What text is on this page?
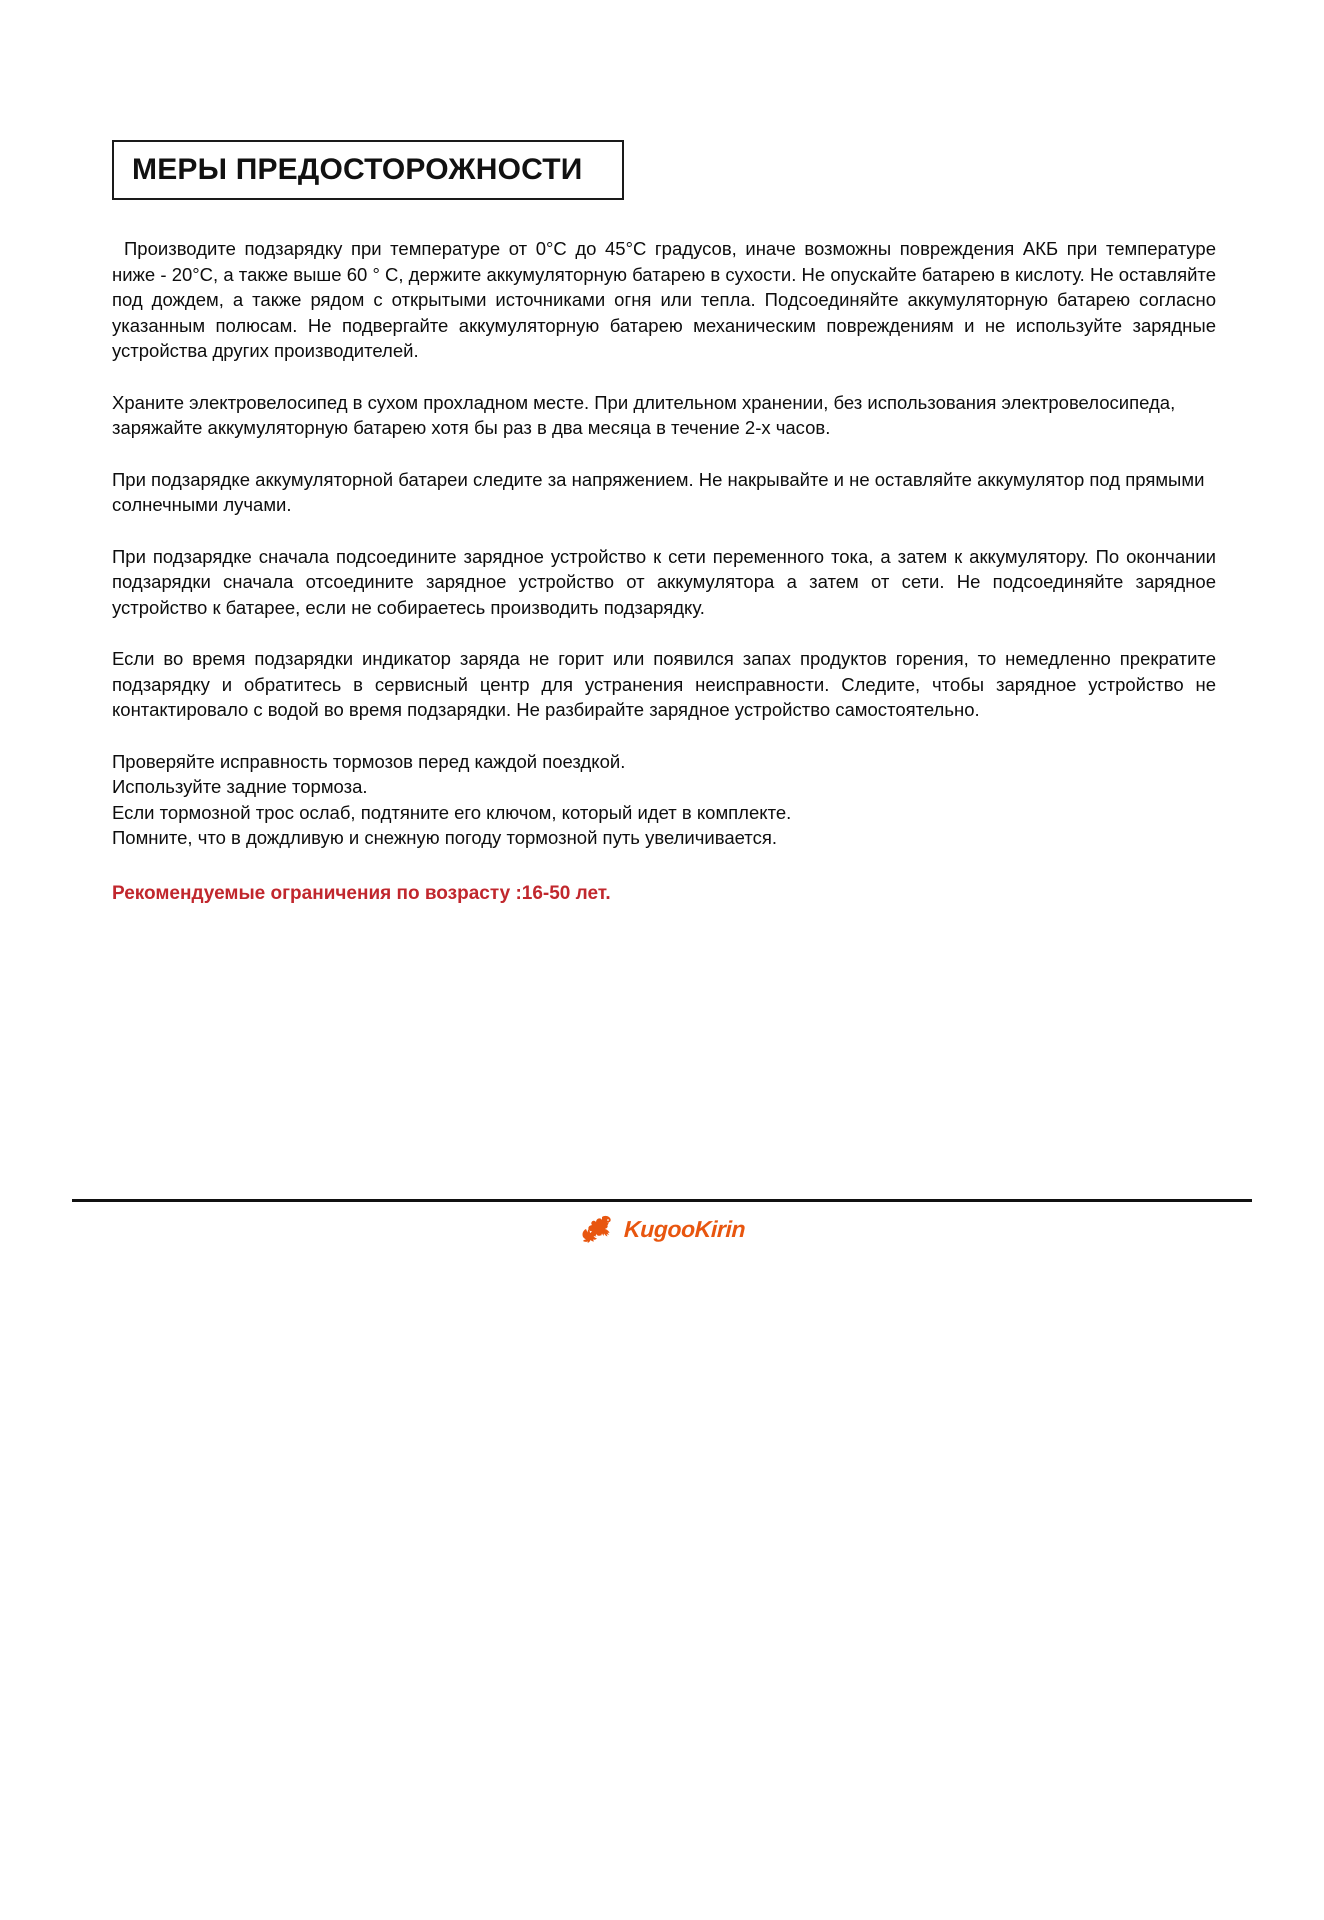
МЕРЫ ПРЕДОСТОРОЖНОСТИ

Производите подзарядку при температуре от 0°C до 45°C градусов, иначе возможны повреждения АКБ при температуре ниже - 20°C, а также выше 60 ° C, держите аккумуляторную батарею в сухости. Не опускайте батарею в кислоту. Не оставляйте под дождем, а также рядом с открытыми источниками огня или тепла. Подсоединяйте аккумуляторную батарею согласно указанным полюсам. Не подвергайте аккумуляторную батарею механическим повреждениям и не используйте зарядные устройства других производителей.

Храните электровелосипед в сухом прохладном месте. При длительном хранении, без использования электровелосипеда, заряжайте аккумуляторную батарею хотя бы раз в два месяца в течение 2-х часов.

При подзарядке аккумуляторной батареи следите за напряжением. Не накрывайте и не оставляйте аккумулятор под прямыми солнечными лучами.

При подзарядке сначала подсоедините зарядное устройство к сети переменного тока, а затем к аккумулятору. По окончании подзарядки сначала отсоедините зарядное устройство от аккумулятора а затем от сети. Не подсоединяйте зарядное устройство к батарее, если не собираетесь производить подзарядку.

Если во время подзарядки индикатор заряда не горит или появился запах продуктов горения, то немедленно прекратите подзарядку и обратитесь в сервисный центр для устранения неисправности. Следите, чтобы зарядное устройство не контактировало с водой во время подзарядки. Не разбирайте зарядное устройство самостоятельно.

Проверяйте исправность тормозов перед каждой поездкой.
Используйте задние тормоза.
Если тормозной трос ослаб, подтяните его ключом, который идет в комплекте.
Помните, что в дождливую и снежную погоду тормозной путь увеличивается.

Рекомендуемые ограничения по возрасту :16-50 лет.

KugooKirin
